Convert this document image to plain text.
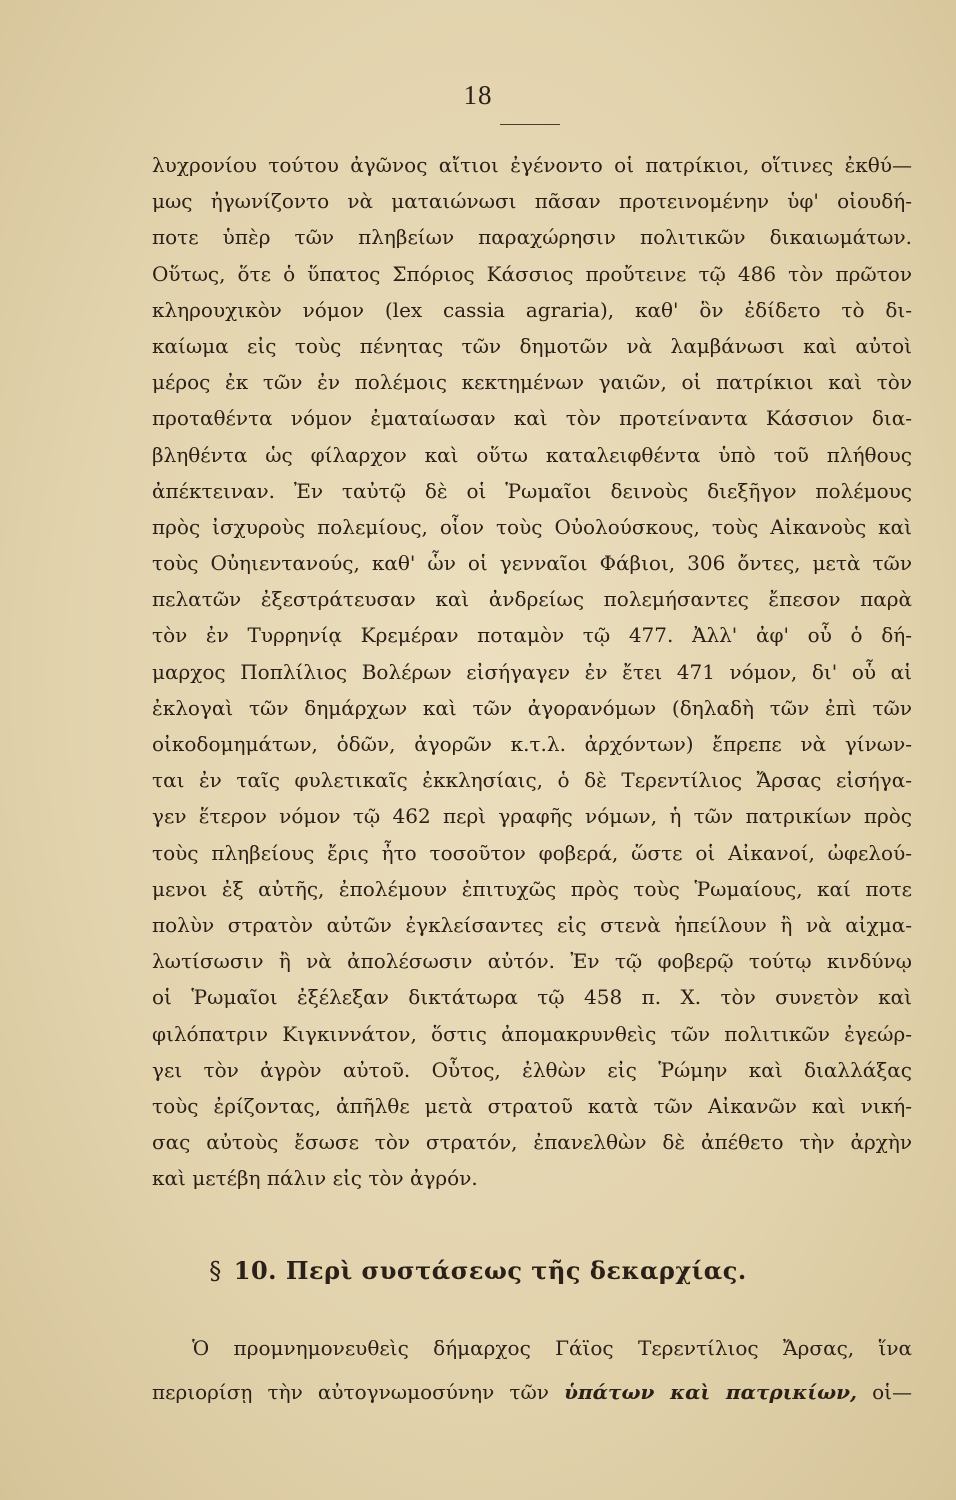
18
λυχρονίου τούτου ἀγῶνος αἴτιοι ἐγένοντο οἱ πατρίκιοι, οἵτινες ἐκθύ—
μως ἠγωνίζοντο νὰ ματαιώνωσι πᾶσαν προτεινομένην ὑφ' οἱουδή-
ποτε ὑπὲρ τῶν πληβείων παραχώρησιν πολιτικῶν δικαιωμάτων.
Οὕτως, ὅτε ὁ ὕπατος Σπόριος Κάσσιος προὔτεινε τῷ 486 τὸν πρῶτον
κληρουχικὸν νόμον (lex cassia agraria), καθ' ὃν ἐδίδετο τὸ δι-
καίωμα εἰς τοὺς πένητας τῶν δημοτῶν νὰ λαμβάνωσι καὶ αὐτοὶ
μέρος ἐκ τῶν ἐν πολέμοις κεκτημένων γαιῶν, οἱ πατρίκιοι καὶ τὸν
προταθέντα νόμον ἐματαίωσαν καὶ τὸν προτείναντα Κάσσιον δια-
βληθέντα ὡς φίλαρχον καὶ οὕτω καταλειφθέντα ὑπὸ τοῦ πλήθους
ἀπέκτειναν. Ἐν ταὐτῷ δὲ οἱ Ῥωμαῖοι δεινοὺς διεξῆγον πολέμους
πρὸς ἰσχυροὺς πολεμίους, οἷον τοὺς Οὐολούσκους, τοὺς Αἰκανοὺς καὶ
τοὺς Οὐηιεντανούς, καθ' ὧν οἱ γενναῖοι Φάβιοι, 306 ὄντες, μετὰ τῶν
πελατῶν ἐξεστράτευσαν καὶ ἀνδρείως πολεμήσαντες ἔπεσον παρὰ
τὸν ἐν Τυρρηνίᾳ Κρεμέραν ποταμὸν τῷ 477. Ἀλλ' ἀφ' οὗ ὁ δή-
μαρχος Ποπλίλιος Βολέρων εἰσήγαγεν ἐν ἔτει 471 νόμον, δι' οὗ αἱ
ἐκλογαὶ τῶν δημάρχων καὶ τῶν ἀγορανόμων (δηλαδὴ τῶν ἐπὶ τῶν
οἰκοδομημάτων, ὁδῶν, ἀγορῶν κ.τ.λ. ἀρχόντων) ἔπρεπε νὰ γίνων-
ται ἐν ταῖς φυλετικαῖς ἐκκλησίαις, ὁ δὲ Τερεντίλιος Ἄρσας εἰσήγα-
γεν ἕτερον νόμον τῷ 462 περὶ γραφῆς νόμων, ἡ τῶν πατρικίων πρὸς
τοὺς πληβείους ἔρις ἦτο τοσοῦτον φοβερά, ὥστε οἱ Αἰκανοί, ὠφελού-
μενοι ἐξ αὐτῆς, ἐπολέμουν ἐπιτυχῶς πρὸς τοὺς Ῥωμαίους, καί ποτε
πολὺν στρατὸν αὐτῶν ἐγκλείσαντες εἰς στενὰ ἠπείλουν ἢ νὰ αἰχμα-
λωτίσωσιν ἢ νὰ ἀπολέσωσιν αὐτόν. Ἐν τῷ φοβερῷ τούτῳ κινδύνῳ
οἱ Ῥωμαῖοι ἐξέλεξαν δικτάτωρα τῷ 458 π. Χ. τὸν συνετὸν καὶ
φιλόπατριν Κιγκιννάτον, ὅστις ἀπομακρυνθεὶς τῶν πολιτικῶν ἐγεώρ-
γει τὸν ἀγρὸν αὐτοῦ. Οὗτος, ἐλθὼν εἰς Ῥώμην καὶ διαλλάξας
τοὺς ἐρίζοντας, ἀπῆλθε μετὰ στρατοῦ κατὰ τῶν Αἰκανῶν καὶ νική-
σας αὐτοὺς ἔσωσε τὸν στρατόν, ἐπανελθὼν δὲ ἀπέθετο τὴν ἀρχὴν
καὶ μετέβη πάλιν εἰς τὸν ἀγρόν.
§ 10. Περὶ συστάσεως τῆς δεκαρχίας.
Ὁ προμνημονευθεὶς δήμαρχος Γάϊος Τερεντίλιος Ἄρσας, ἵνα
περιορίσῃ τὴν αὐτογνωμοσύνην τῶν ὑπάτων καὶ πατρικίων, οἱ—
